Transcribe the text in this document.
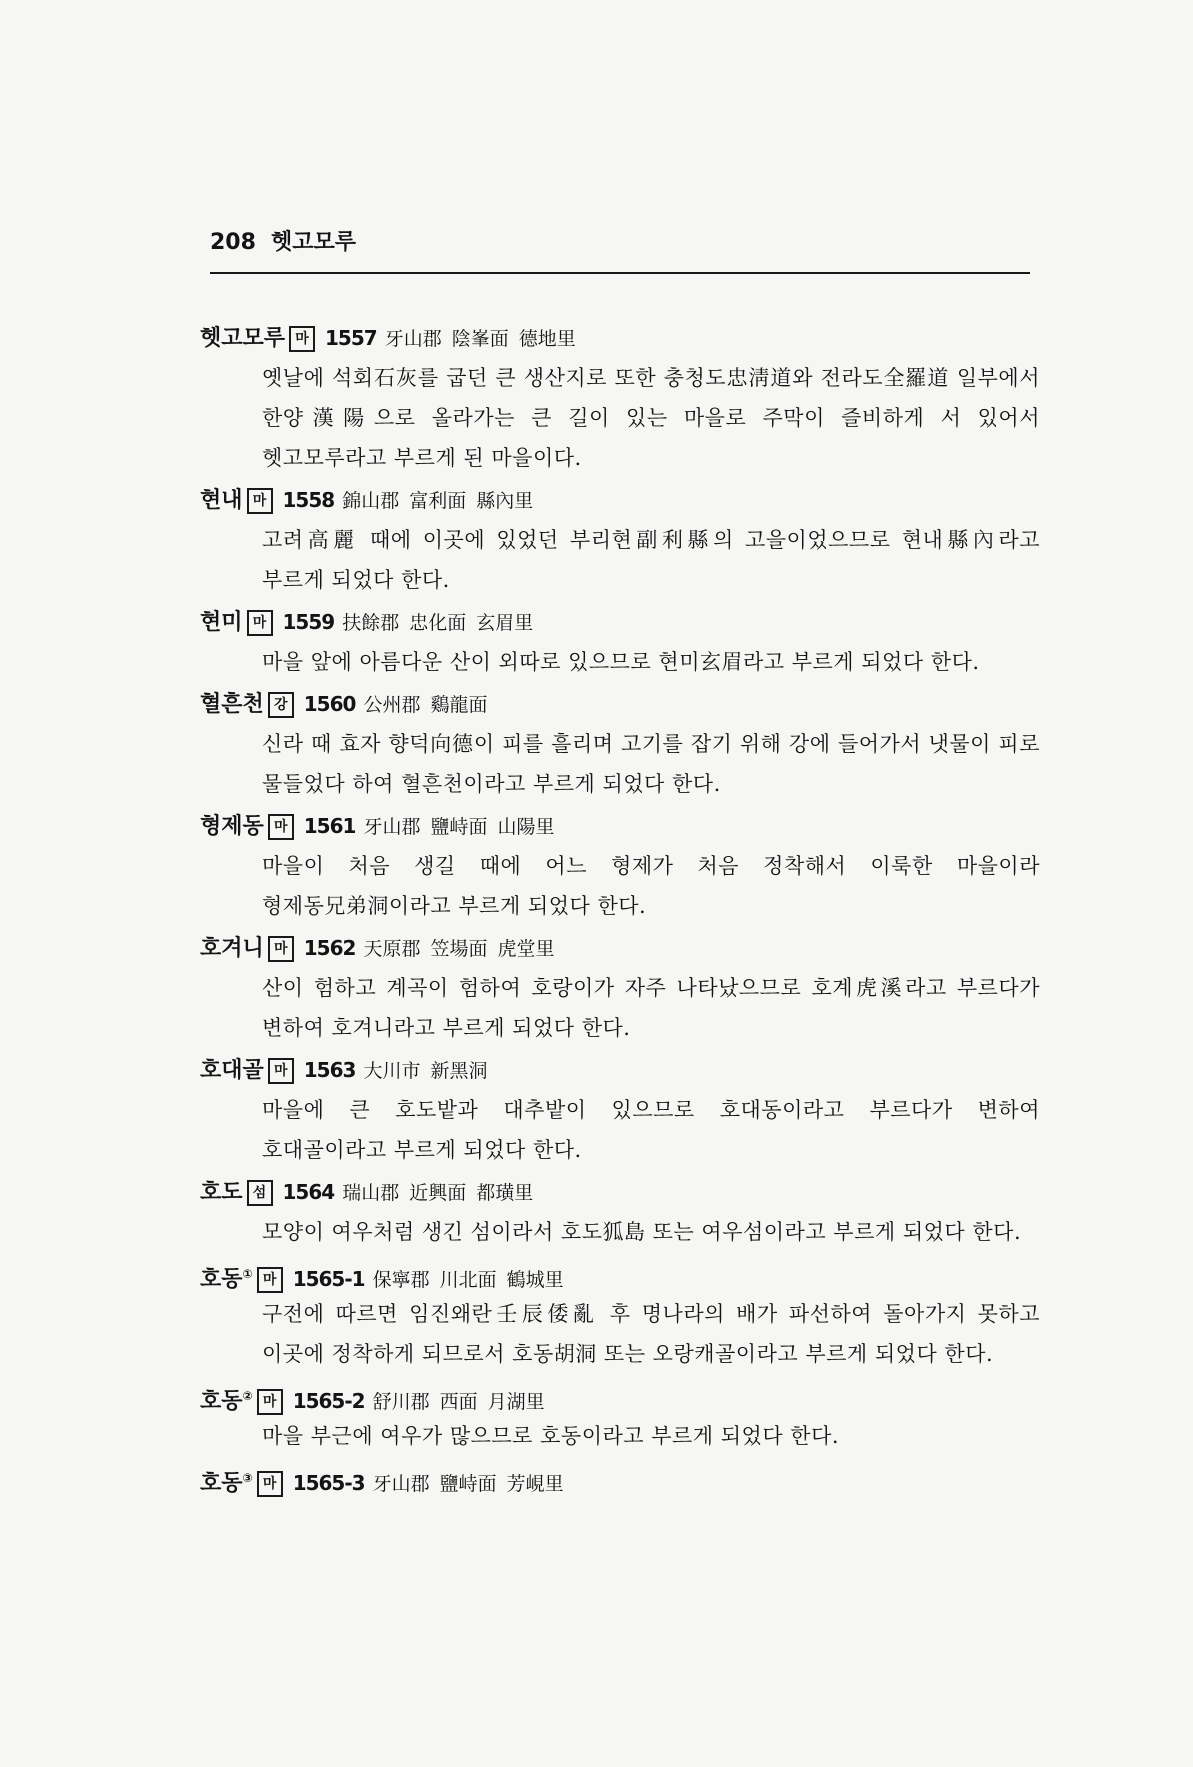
208 헷고모루
헷고모루 마 1557 牙山郡 陰峯面 德地里
옛날에 석회石灰를 굽던 큰 생산지로 또한 충청도忠淸道와 전라도全羅道 일부에서 한양漢陽으로 올라가는 큰 길이 있는 마을로 주막이 즐비하게 서 있어서 헷고모루라고 부르게 된 마을이다.
현내 마 1558 錦山郡 富利面 縣內里
고려高麗 때에 이곳에 있었던 부리현副利縣의 고을이었으므로 현내縣內라고 부르게 되었다 한다.
현미 마 1559 扶餘郡 忠化面 玄眉里
마을 앞에 아름다운 산이 외따로 있으므로 현미玄眉라고 부르게 되었다 한다.
혈흔천 강 1560 公州郡 鷄龍面
신라 때 효자 향덕向德이 피를 흘리며 고기를 잡기 위해 강에 들어가서 냇물이 피로 물들었다 하여 혈흔천이라고 부르게 되었다 한다.
형제동 마 1561 牙山郡 鹽峙面 山陽里
마을이 처음 생길 때에 어느 형제가 처음 정착해서 이룩한 마을이라 형제동兄弟洞이라고 부르게 되었다 한다.
호겨니 마 1562 天原郡 笠場面 虎堂里
산이 험하고 계곡이 험하여 호랑이가 자주 나타났으므로 호계虎溪라고 부르다가 변하여 호겨니라고 부르게 되었다 한다.
호대골 마 1563 大川市 新黑洞
마을에 큰 호도밭과 대추밭이 있으므로 호대동이라고 부르다가 변하여 호대골이라고 부르게 되었다 한다.
호도 섬 1564 瑞山郡 近興面 都璜里
모양이 여우처럼 생긴 섬이라서 호도狐島 또는 여우섬이라고 부르게 되었다 한다.
호동① 마 1565-1 保寧郡 川北面 鶴城里
구전에 따르면 임진왜란壬辰倭亂 후 명나라의 배가 파선하여 돌아가지 못하고 이곳에 정착하게 되므로서 호동胡洞 또는 오랑캐골이라고 부르게 되었다 한다.
호동② 마 1565-2 舒川郡 西面 月湖里
마을 부근에 여우가 많으므로 호동이라고 부르게 되었다 한다.
호동③ 마 1565-3 牙山郡 鹽峙面 芳峴里
